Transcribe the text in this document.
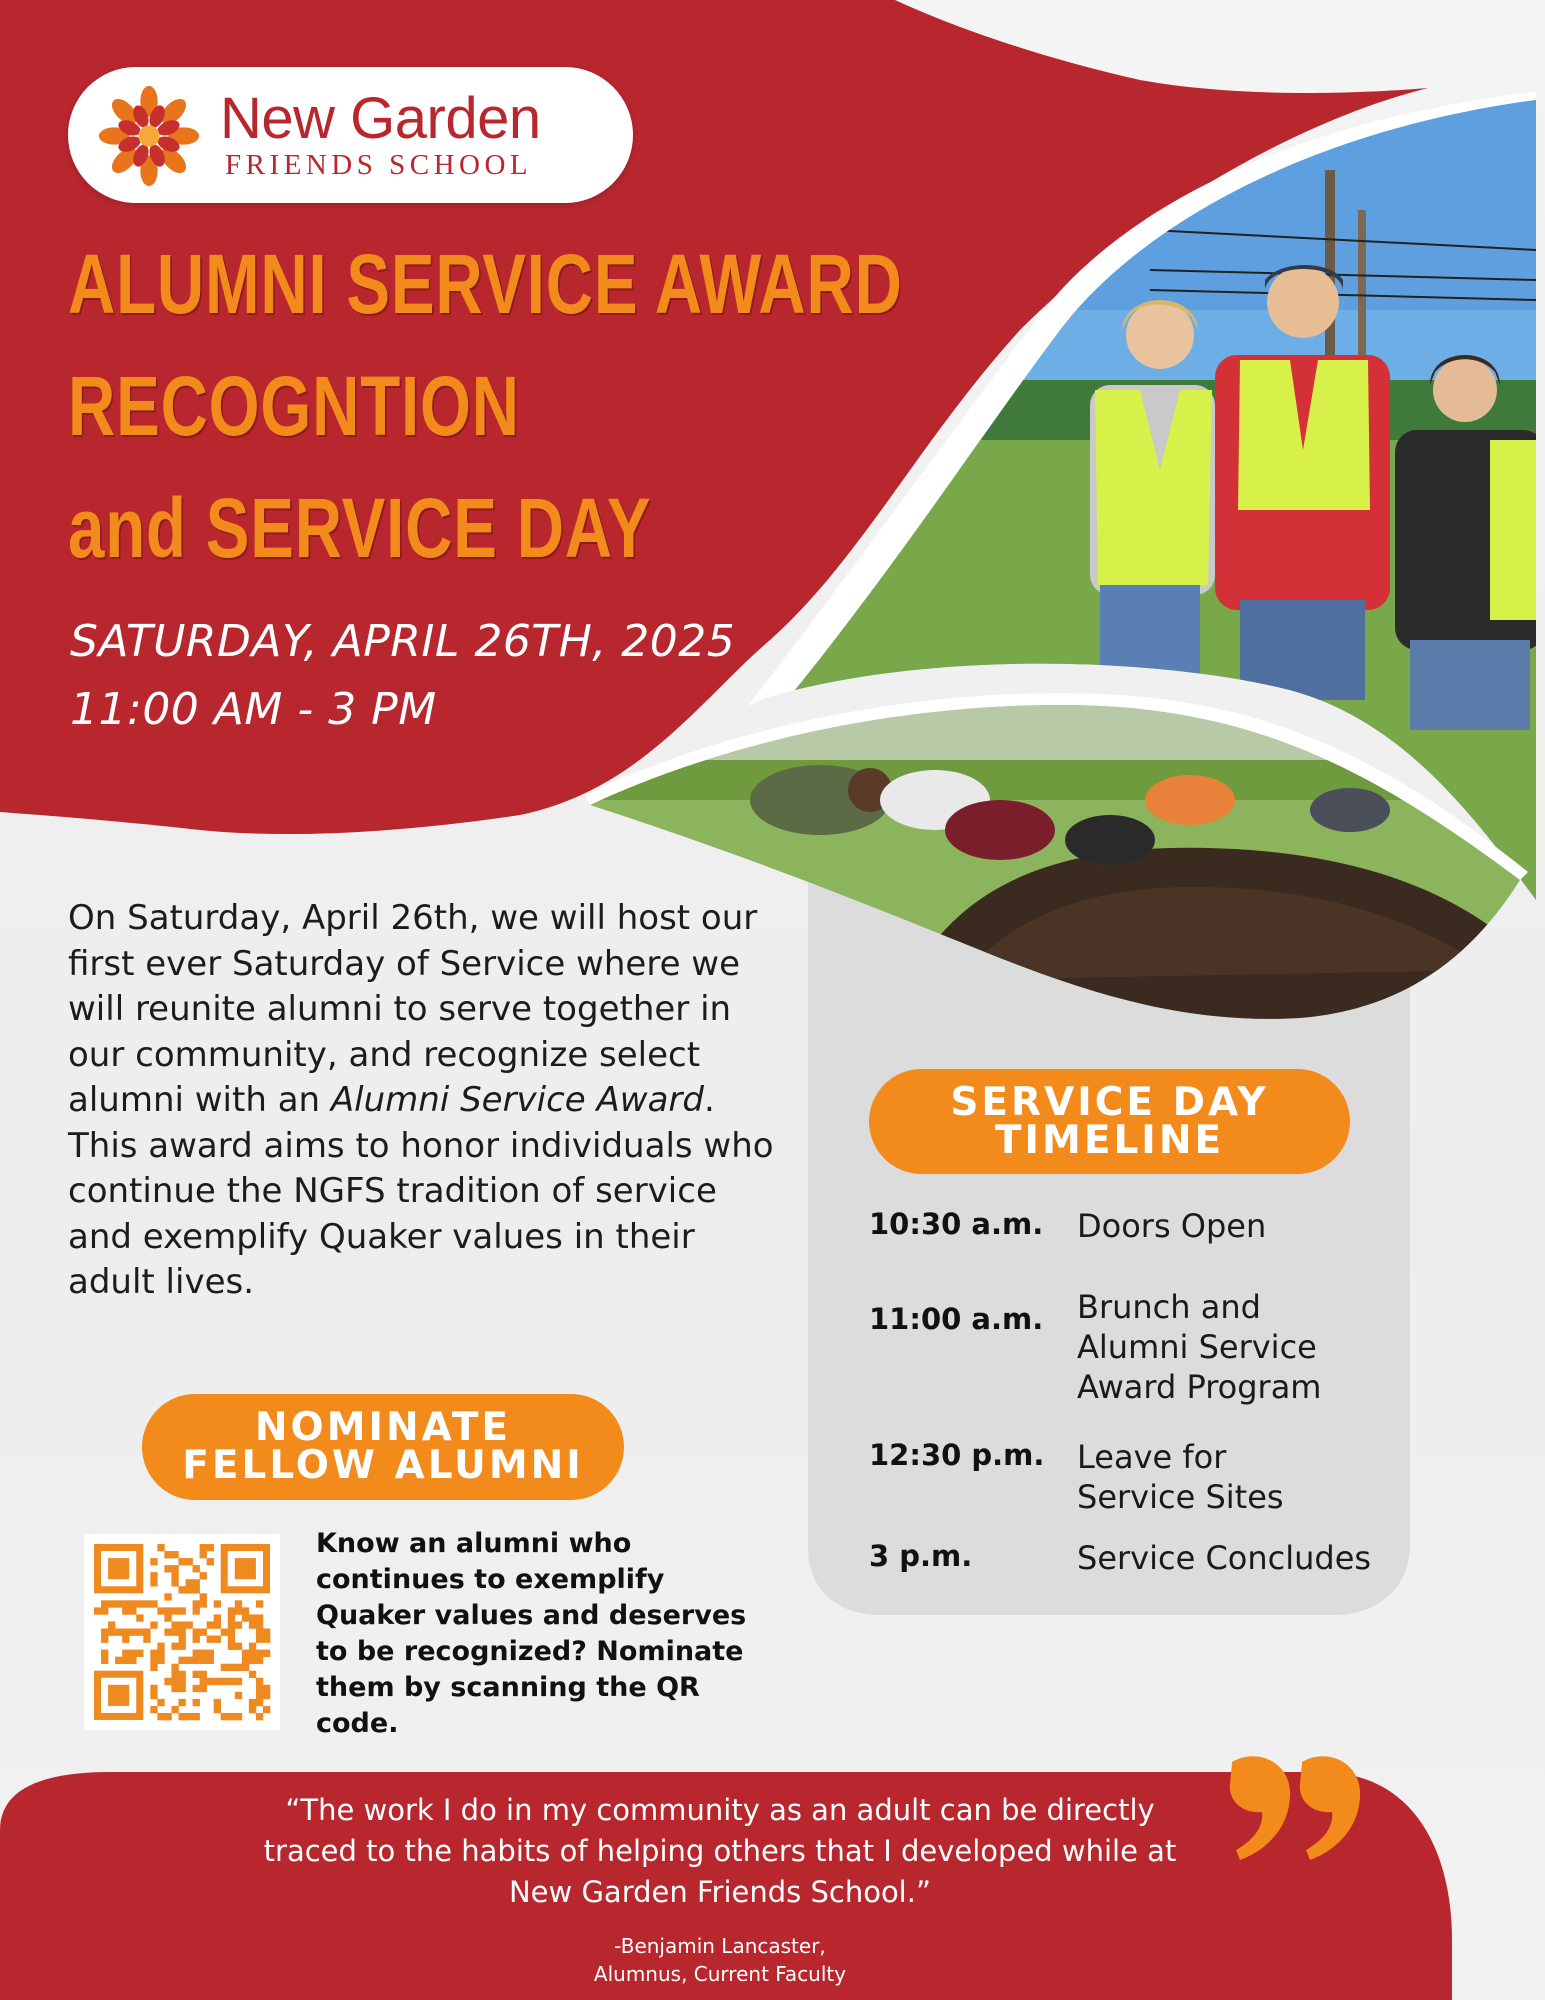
New Garden
FRIENDS SCHOOL
ALUMNI SERVICE AWARD
RECOGNTION
and SERVICE DAY
SATURDAY, APRIL 26TH, 2025
11:00 AM - 3 PM
On Saturday, April 26th, we will host our first ever Saturday of Service where we will reunite alumni to serve together in our community, and recognize select alumni with an Alumni Service Award. This award aims to honor individuals who continue the NGFS tradition of service and exemplify Quaker values in their adult lives.
NOMINATE
FELLOW ALUMNI
Know an alumni who continues to exemplify Quaker values and deserves to be recognized? Nominate them by scanning the QR code.
SERVICE DAY
TIMELINE
10:30 a.m. Doors Open
11:00 a.m. Brunch and Alumni Service Award Program
12:30 p.m. Leave for Service Sites
3 p.m.	Service Concludes
“The work I do in my community as an adult can be directly traced to the habits of helping others that I developed while at New Garden Friends School.”
-Benjamin Lancaster,
Alumnus, Current Faculty
